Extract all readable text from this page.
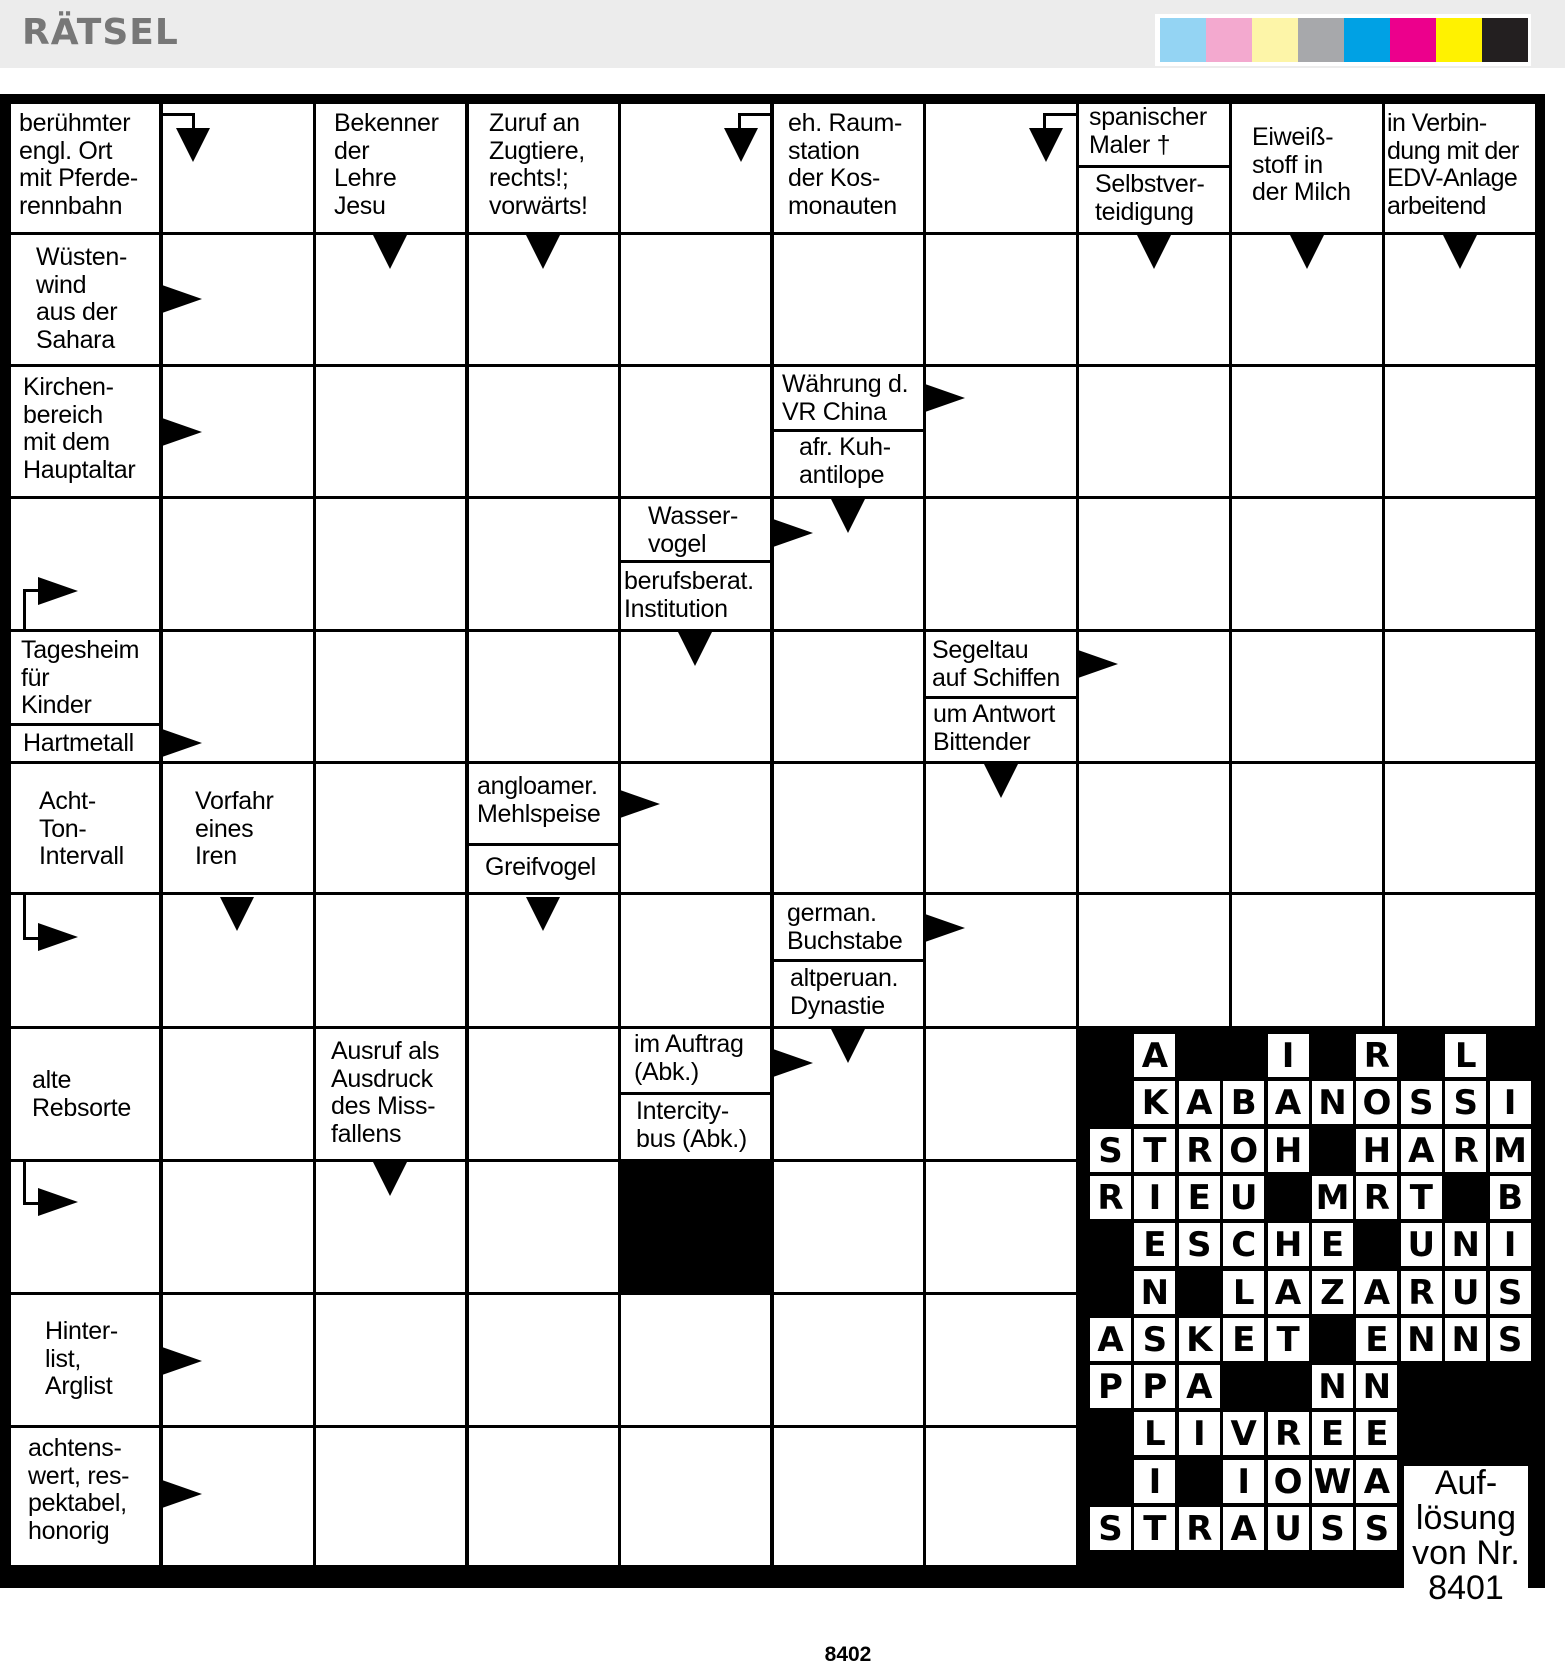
RÄTSEL
berühmter
engl. Ort
mit Pferde-
rennbahn
Bekenner
der
Lehre
Jesu
Zuruf an
Zugtiere,
rechts!;
vorwärts!
eh. Raum-
station
der Kos-
monauten
spanischer
Maler †
Selbstver-
teidigung
Eiweiß-
stoff in
der Milch
in Verbin-
dung mit der
EDV-Anlage
arbeitend
Wüsten-
wind
aus der
Sahara
Kirchen-
bereich
mit dem
Hauptaltar
Währung d.
VR China
afr. Kuh-
antilope
Wasser-
vogel
berufsberat.
Institution
Tagesheim
für
Kinder
Hartmetall
Segeltau
auf Schiffen
um Antwort
Bittender
Acht-
Ton-
Intervall
Vorfahr
eines
Iren
angloamer.
Mehlspeise
Greifvogel
german.
Buchstabe
altperuan.
Dynastie
alte
Rebsorte
Ausruf als
Ausdruck
des Miss-
fallens
im Auftrag
(Abk.)
Intercity-
bus (Abk.)
Hinter-
list,
Arglist
achtens-
wert, res-
pektabel,
honorig
A	I	R L
K A B A N O S S I
S T R O H H A R M
R I E U M R T B
E S C H E U N I
N L A Z A R U S
A S K E T E N N S
P P A	N N
L I V R E E
I	I O W A
S T R A U S S
Auf-
lösung
von Nr.
8401
8402
